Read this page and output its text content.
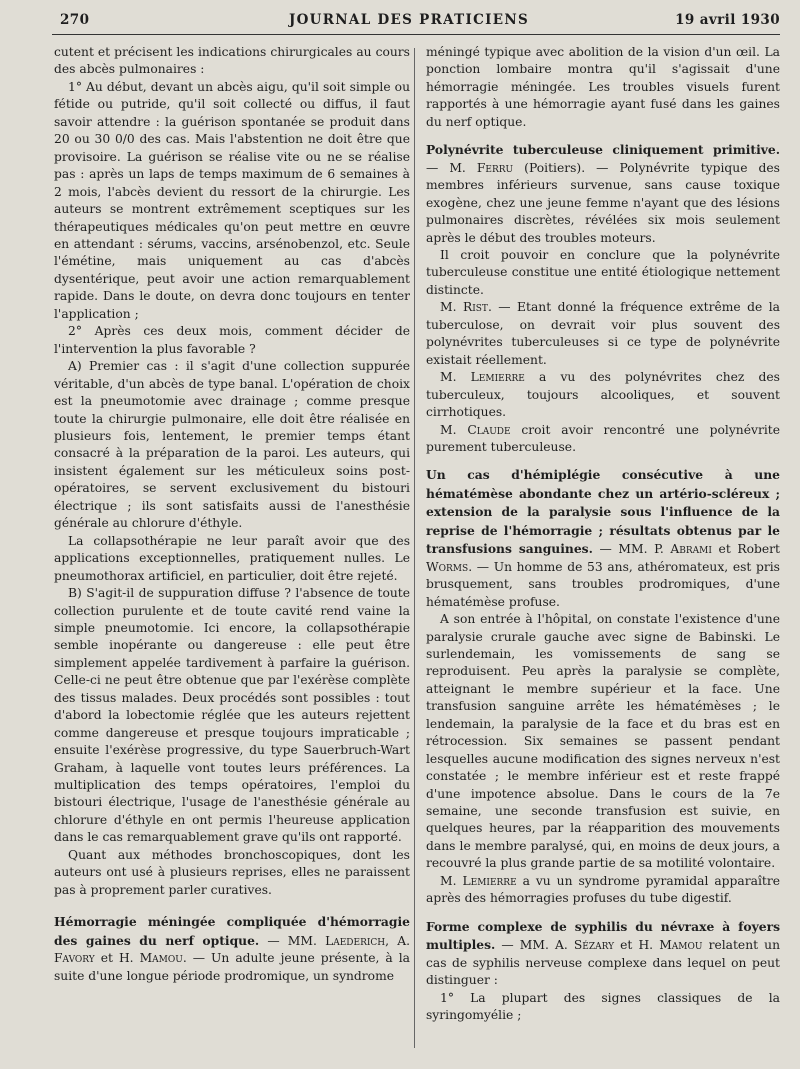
270	JOURNAL DES PRATICIENS	19 avril 1930

cutent et précisent les indications chirurgicales au cours des abcès pulmonaires :

1° Au début, devant un abcès aigu, qu'il soit simple ou fétide ou putride, qu'il soit collecté ou diffus, il faut savoir attendre : la guérison spontanée se produit dans 20 ou 30 0/0 des cas. Mais l'abstention ne doit être que provisoire. La guérison se réalise vite ou ne se réalise pas : après un laps de temps maximum de 6 semaines à 2 mois, l'abcès devient du ressort de la chirurgie. Les auteurs se montrent extrêmement sceptiques sur les thérapeutiques médicales qu'on peut mettre en œuvre en attendant : sérums, vaccins, arsénobenzol, etc. Seule l'émétine, mais uniquement au cas d'abcès dysentérique, peut avoir une action remarquablement rapide. Dans le doute, on devra donc toujours en tenter l'application ;

2° Après ces deux mois, comment décider de l'intervention la plus favorable ?

A) Premier cas : il s'agit d'une collection suppurée véritable, d'un abcès de type banal. L'opération de choix est la pneumotomie avec drainage ; comme presque toute la chirurgie pulmonaire, elle doit être réalisée en plusieurs fois, lentement, le premier temps étant consacré à la préparation de la paroi. Les auteurs, qui insistent également sur les méticuleux soins post-opératoires, se servent exclusivement du bistouri électrique ; ils sont satisfaits aussi de l'anesthésie générale au chlorure d'éthyle.

La collapsothérapie ne leur paraît avoir que des applications exceptionnelles, pratiquement nulles. Le pneumothorax artificiel, en particulier, doit être rejeté.

B) S'agit-il de suppuration diffuse ? l'absence de toute collection purulente et de toute cavité rend vaine la simple pneumotomie. Ici encore, la collapsothérapie semble inopérante ou dangereuse : elle peut être simplement appelée tardivement à parfaire la guérison. Celle-ci ne peut être obtenue que par l'exérèse complète des tissus malades. Deux procédés sont possibles : tout d'abord la lobectomie réglée que les auteurs rejettent comme dangereuse et presque toujours impraticable ; ensuite l'exérèse progressive, du type Sauerbruch-Wart Graham, à laquelle vont toutes leurs préférences. La multiplication des temps opératoires, l'emploi du bistouri électrique, l'usage de l'anesthésie générale au chlorure d'éthyle en ont permis l'heureuse application dans le cas remarquablement grave qu'ils ont rapporté.

Quant aux méthodes bronchoscopiques, dont les auteurs ont usé à plusieurs reprises, elles ne paraissent pas à proprement parler curatives.

Hémorragie méningée compliquée d'hémorragie des gaines du nerf optique. — MM. Laederich, A. Favory et H. Mamou. — Un adulte jeune présente, à la suite d'une longue période prodromique, un syndrome

méningé typique avec abolition de la vision d'un œil. La ponction lombaire montra qu'il s'agissait d'une hémorragie méningée. Les troubles visuels furent rapportés à une hémorragie ayant fusé dans les gaines du nerf optique.

Polynévrite tuberculeuse cliniquement primitive. — M. Ferru (Poitiers). — Polynévrite typique des membres inférieurs survenue, sans cause toxique exogène, chez une jeune femme n'ayant que des lésions pulmonaires discrètes, révélées six mois seulement après le début des troubles moteurs.

Il croit pouvoir en conclure que la polynévrite tuberculeuse constitue une entité étiologique nettement distincte.

M. Rist. — Etant donné la fréquence extrême de la tuberculose, on devrait voir plus souvent des polynévrites tuberculeuses si ce type de polynévrite existait réellement.

M. Lemierre a vu des polynévrites chez des tuberculeux, toujours alcooliques, et souvent cirrhotiques.

M. Claude croit avoir rencontré une polynévrite purement tuberculeuse.

Un cas d'hémiplégie consécutive à une hématémèse abondante chez un artério-scléreux ; extension de la paralysie sous l'influence de la reprise de l'hémorragie ; résultats obtenus par le transfusions sanguines. — MM. P. Abrami et Robert Worms. — Un homme de 53 ans, athéromateux, est pris brusquement, sans troubles prodromiques, d'une hématémèse profuse.

A son entrée à l'hôpital, on constate l'existence d'une paralysie crurale gauche avec signe de Babinski. Le surlendemain, les vomissements de sang se reproduisent. Peu après la paralysie se complète, atteignant le membre supérieur et la face. Une transfusion sanguine arrête les hématémèses ; le lendemain, la paralysie de la face et du bras est en rétrocession. Six semaines se passent pendant lesquelles aucune modification des signes nerveux n'est constatée ; le membre inférieur est et reste frappé d'une impotence absolue. Dans le cours de la 7e semaine, une seconde transfusion est suivie, en quelques heures, par la réapparition des mouvements dans le membre paralysé, qui, en moins de deux jours, a recouvré la plus grande partie de sa motilité volontaire.

M. Lemierre a vu un syndrome pyramidal apparaître après des hémorragies profuses du tube digestif.

Forme complexe de syphilis du névraxe à foyers multiples. — MM. A. Sézary et H. Mamou relatent un cas de syphilis nerveuse complexe dans lequel on peut distinguer :

1° La plupart des signes classiques de la syringomyélie ;
